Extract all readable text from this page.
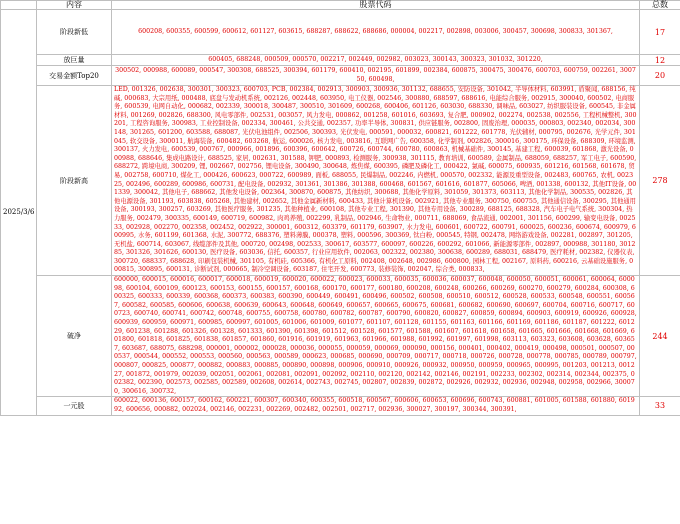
	内容	股票代码	总数
2025/3/6	阶段新低	600208, 600355, 600599, 600612, 601127, 603615, 688287, 688622, 688686, 000004, 002217, 002898, 003006, 300457, 300698, 300833, 301367,	17
	放巨量	600405, 688248, 000509, 000570, 002217, 002449, 002982, 003023, 300143, 300323, 301032, 301220,	12
	交易金额Top20	300502, 000988, 600089, 000547, 300308, 688525, 300394, 601179, 600410, 002195, 601899, 002384, 600875, 300475, 300476, 600703, 600759, 002261, 300750, 600498,	20
	阶段新高	LED, 001326, 002638, 300301, 300323, 600703, PCB, 002384, 002913, 300903, 300936, 301132, 688655, 安防设备, 301042, 半导体材料, 603991, 盾聚闻, 688156, 纯碱, 000683, 大宗用纸, 000488, 底盘与发动机系统, 002126, 002448, 603950, 电工仪器, 002546, 300880, 688597, 688616, 电能综合服务, 002915, 300040, 600502, 电商服务, 600539, 电网自动化, 000682, 002339, 300018, 300487, 300510, 301609, 600268, 600406, 601126, 603030, 688330, 调味品, 603027, 纺织服装设备, 600545, 非金属材料, 001269, 002826, 688300, 风电零部件, 002531, 003057, 风力发电, 000862, 001258, 601016, 603693, 复合肥, 000902, 002274, 002538, 002556, 工程机械整机, 300201, 工程咨询服务, 300983, 工业控制设备, 002334, 300461, 公共交通, 002357, 功率半导体, 300831, 供应链服务, 002800, 固废治理, 000035, 000803, 002340, 002034, 300148, 301265, 601200, 603588, 688087, 光伏电池组件, 002506, 300393, 光伏发电, 000591, 000032, 600821, 601222, 601778, 光伏辅材, 000795, 002676, 光学元件, 301045, 软交设备, 300011, 航海装备, 600482, 603268, 航运, 600026, 核力发电, 003816, 互联网广告, 600358, 化学制剂, 002826, 300016, 300175, 环保设备, 688309, 环境监测, 300137, 火力发电, 600539, 000767, 000966, 001896, 600396, 600642, 600726, 600744, 600780, 600863, 机械基础件, 300145, 基建工程, 600039, 601868, 激光设备, 000988, 688646, 集成电路设计, 688525, 家居, 002631, 301588, 钾肥, 000893, 检测服务, 300938, 301115, 教育培训, 600589, 金属制品, 688059, 688257, 军工电子, 600590, 688272, 跨境电商, 300209, 锂, 002667, 002756, 锂电设备, 300490, 300648, 炼焦煤, 600395, 磷肥及磷化工, 000422, 氯碱, 600075, 600935, 601216, 601568, 601678, 贸易, 002758, 600710, 煤化工, 000426, 600623, 000722, 600989, 面板, 688055, 民爆制品, 002246, 内燃机, 000570, 002332, 能源及重型设备, 002483, 600765, 农机, 002325, 002496, 600289, 600986, 600731, 配电设备, 002932, 301361, 301386, 301388, 600468, 601567, 601616, 601877, 605066, 啤酒, 001338, 600132, 其他IT设备, 001339, 300042, 其他电子, 688662, 其他发电设备, 002364, 300870, 600875, 其他纺织, 300688, 其他化学原料, 301059, 301373, 603113, 其他化学制品, 300535, 002826, 其他电源设备, 301193, 603838, 605268, 其他建材, 002652, 其他金属新材料, 600433, 其他计算机设备, 002921, 其他专业服务, 300750, 600755, 其他通信设备, 300295, 其他通用设备, 300193, 300257, 603269, 其他医疗服务, 301235, 其他种植业, 600108, 其他专业工程, 301390, 其他专用设备, 300289, 688125, 688328, 汽车电子电气系统, 300304, 热力服务, 002479, 300335, 600149, 600719, 600982, 肉鸡养殖, 002299, 乳制品, 002946, 生命物业, 000711, 688069, 食品流通, 002001, 301156, 600299, 输变电设备, 002533, 002928, 002270, 002358, 002452, 002922, 300001, 600312, 603379, 601179, 603907, 水力发电, 600601, 600722, 600791, 600025, 600236, 600674, 600979, 600995, 水务, 601199, 601368, 水泥, 300772, 688376, 塑料薄膜, 000378, 塑料, 000596, 300369, 钛白粉, 000545, 特钢, 002478, 网络游戏设备, 002281, 002897, 301205, 无机盐, 600714, 603067, 线缆部件及其他, 000720, 002498, 002533, 300617, 603577, 600097, 600226, 600292, 601066, 新能源零部件, 002897, 000988, 301180, 301285, 301326, 301626, 600130, 医疗设备, 603036, 信托, 600357, 行业应用软件, 002063, 002322, 002380, 300638, 600289, 688031, 688479, 医疗耗材, 002382, 仪器仪表, 300720, 688337, 688628, 印刷包装机械, 301105, 有机硅, 605366, 有机化工原料, 002408, 002648, 002986, 600800, 园林工程, 002167, 原料药, 600216, 云基础设施服务, 000815, 300895, 600131, 诊断试剂, 000665, 制冷空调设备, 603187, 住宅开发, 600773, 装修装饰, 002047, 综合类, 000833,	278
	破净	600000, 600015, 600016, 600017, 600018, 600019, 600020, 600022, 600023, 600033, 600035, 600036, 600037, 600048, 600050, 600051, 600061, 600064, 600098, 600104, 600109, 600123, 600153, 600155, 600157, 600168, 600170, 600177, 600180, 600208, 600248, 600266, 600269, 600270, 600279, 600284, 600308, 600325, 600333, 600339, 600368, 600373, 600383, 600390, 600449, 600491, 600496, 600502, 600508, 600510, 600512, 600528, 600533, 600548, 600551, 600567, 600582, 600585, 600606, 600638, 600639, 600643, 600648, 600649, 600657, 600665, 600675, 600681, 600682, 600690, 600697, 600704, 600716, 600717, 600723, 600740, 600741, 600742, 600748, 600755, 600758, 600780, 600782, 600787, 600790, 600820, 600827, 600859, 600894, 600903, 600919, 600926, 600928, 600939, 600959, 600971, 600985, 600997, 601005, 601006, 601009, 601077, 601107, 601128, 601155, 601163, 601166, 601169, 601186, 601187, 601222, 601229, 601238, 601288, 601326, 601328, 601333, 601390, 601398, 601512, 601528, 601577, 601588, 601607, 601618, 601658, 601665, 601666, 601668, 601669, 601800, 601818, 601825, 601838, 601857, 601860, 601916, 601919, 601963, 601966, 601988, 601992, 601997, 601998, 603113, 603323, 603608, 603628, 603657, 603687, 688075, 688298, 000001, 000002, 000028, 000036, 000055, 000059, 000069, 000090, 000156, 000401, 000402, 000419, 000498, 000501, 000507, 000537, 000544, 000552, 000553, 000560, 000563, 000589, 000623, 000685, 000690, 000709, 000717, 000718, 000726, 000728, 000778, 000785, 000789, 000797, 000807, 000825, 000877, 000882, 000883, 000885, 000890, 000898, 000906, 000910, 000926, 000932, 000950, 000959, 000965, 000995, 001203, 001213, 001227, 001872, 001979, 002039, 002051, 002061, 002081, 002091, 002092, 002110, 002120, 002142, 002146, 002191, 002233, 002302, 002314, 002344, 002375, 002382, 002390, 002573, 002585, 002589, 002608, 002614, 002743, 002745, 002807, 002839, 002872, 002926, 002932, 002936, 002948, 002958, 002966, 300070, 300616, 300732,	244
	一元股	600022, 600136, 600157, 600162, 600221, 600307, 600340, 600355, 600518, 600567, 600606, 600653, 600696, 600743, 600881, 601005, 601588, 601880, 601992, 600656, 000882, 002024, 002146, 002231, 002269, 002482, 002501, 002717, 002936, 300027, 300197, 300344, 300391,	33
